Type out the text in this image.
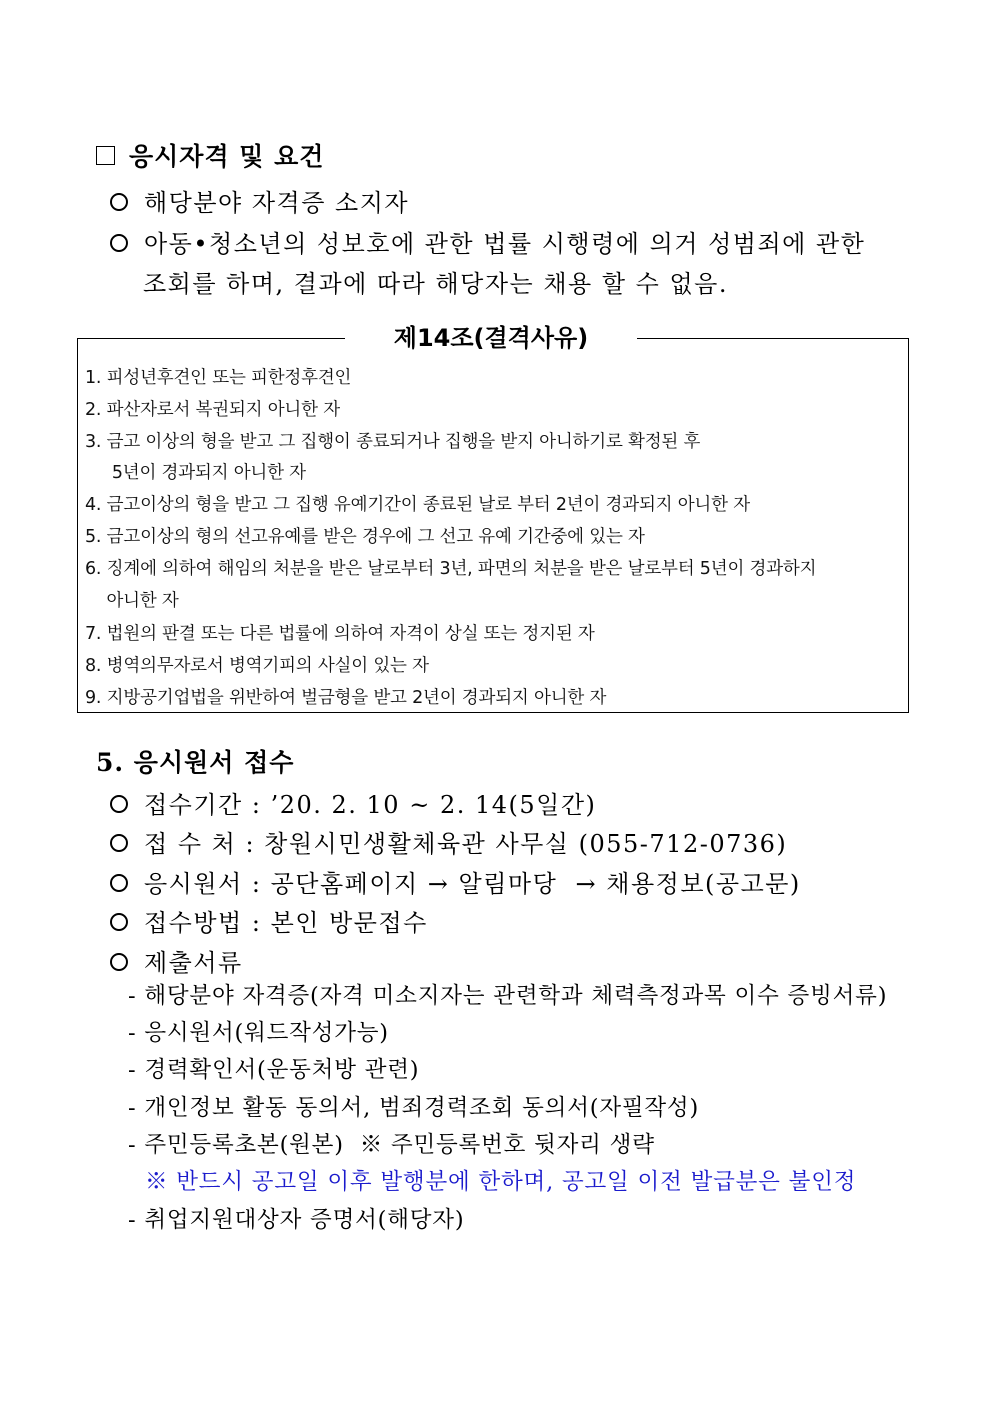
응시자격 및 요건
해당분야 자격증 소지자
아동•청소년의 성보호에 관한 법률 시행령에 의거 성범죄에 관한
조회를 하며, 결과에 따라 해당자는 채용 할 수 없음.
제14조(결격사유)
1. 피성년후견인 또는 피한정후견인
2. 파산자로서 복권되지 아니한 자
3. 금고 이상의 형을 받고 그 집행이 종료되거나 집행을 받지 아니하기로 확정된 후
5년이 경과되지 아니한 자
4. 금고이상의 형을 받고 그 집행 유예기간이 종료된 날로 부터 2년이 경과되지 아니한 자
5. 금고이상의 형의 선고유예를 받은 경우에 그 선고 유예 기간중에 있는 자
6. 징계에 의하여 해임의 처분을 받은 날로부터 3년, 파면의 처분을 받은 날로부터 5년이 경과하지
아니한 자
7. 법원의 판결 또는 다른 법률에 의하여 자격이 상실 또는 정지된 자
8. 병역의무자로서 병역기피의 사실이 있는 자
9. 지방공기업법을 위반하여 벌금형을 받고 2년이 경과되지 아니한 자
5. 응시원서 접수
접수기간 : ’20. 2. 10 ~ 2. 14(5일간)
접 수 처 : 창원시민생활체육관 사무실 (055-712-0736)
응시원서 : 공단홈페이지 → 알림마당  → 채용정보(공고문)
접수방법 : 본인 방문접수
제출서류
- 해당분야 자격증(자격 미소지자는 관련학과 체력측정과목 이수 증빙서류)
- 응시원서(워드작성가능)
- 경력확인서(운동처방 관련)
- 개인정보 활동 동의서, 범죄경력조회 동의서(자필작성)
- 주민등록초본(원본)  ※ 주민등록번호 뒷자리 생략
※ 반드시 공고일 이후 발행분에 한하며, 공고일 이전 발급분은 불인정
- 취업지원대상자 증명서(해당자)
